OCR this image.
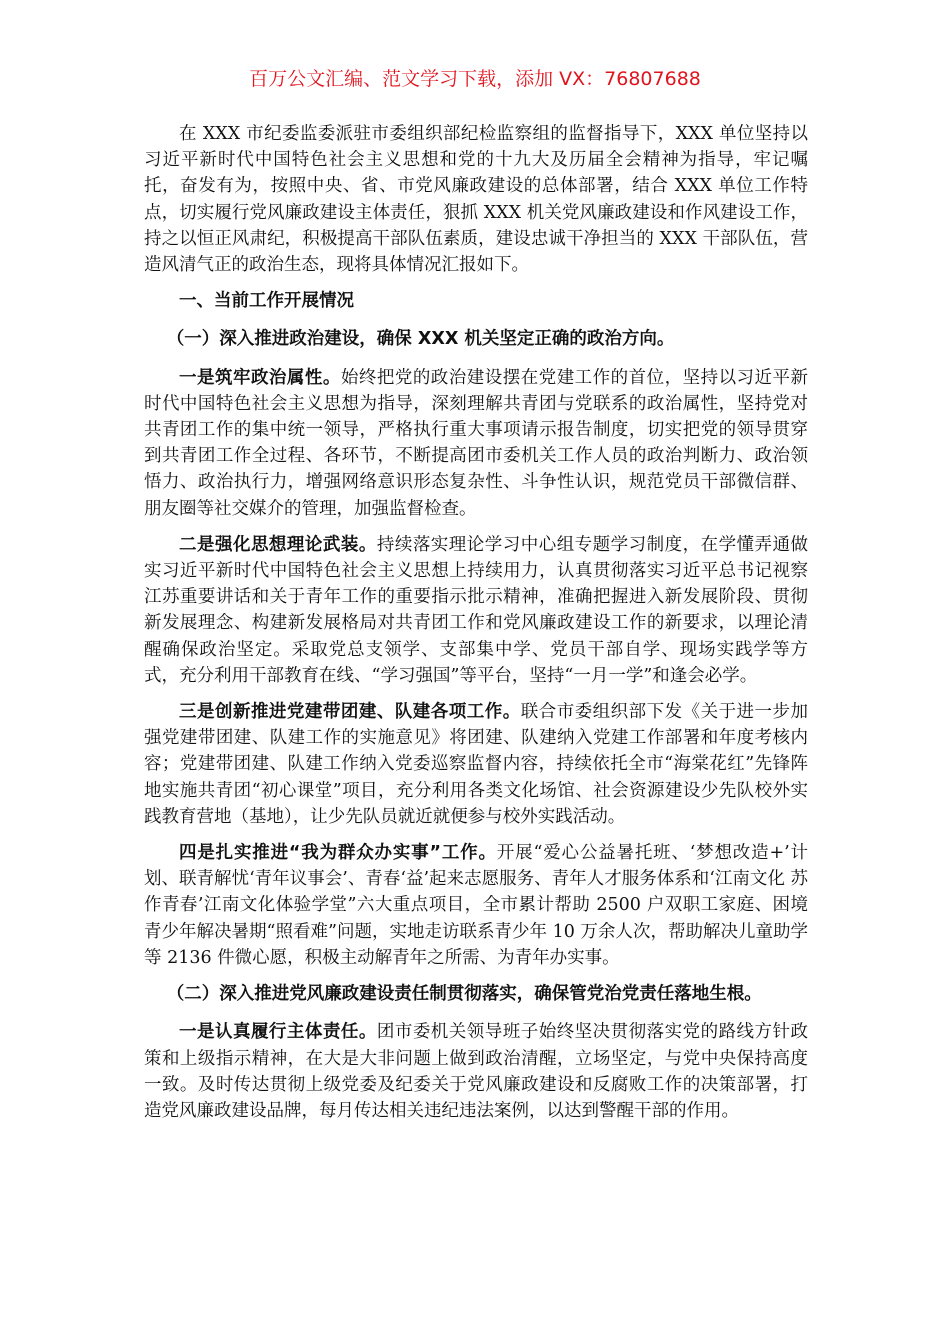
百万公文汇编、范文学习下载，添加 VX：76807688

在 XXX 市纪委监委派驻市委组织部纪检监察组的监督指导下，XXX 单位坚持以习近平新时代中国特色社会主义思想和党的十九大及历届全会精神为指导，牢记嘱托，奋发有为，按照中央、省、市党风廉政建设的总体部署，结合 XXX 单位工作特点，切实履行党风廉政建设主体责任，狠抓 XXX 机关党风廉政建设和作风建设工作，持之以恒正风肃纪，积极提高干部队伍素质，建设忠诚干净担当的 XXX 干部队伍，营造风清气正的政治生态，现将具体情况汇报如下。

一、当前工作开展情况

（一）深入推进政治建设，确保 XXX 机关坚定正确的政治方向。

一是筑牢政治属性。始终把党的政治建设摆在党建工作的首位，坚持以习近平新时代中国特色社会主义思想为指导，深刻理解共青团与党联系的政治属性，坚持党对共青团工作的集中统一领导，严格执行重大事项请示报告制度，切实把党的领导贯穿到共青团工作全过程、各环节，不断提高团市委机关工作人员的政治判断力、政治领悟力、政治执行力，增强网络意识形态复杂性、斗争性认识，规范党员干部微信群、朋友圈等社交媒介的管理，加强监督检查。

二是强化思想理论武装。持续落实理论学习中心组专题学习制度，在学懂弄通做实习近平新时代中国特色社会主义思想上持续用力，认真贯彻落实习近平总书记视察江苏重要讲话和关于青年工作的重要指示批示精神，准确把握进入新发展阶段、贯彻新发展理念、构建新发展格局对共青团工作和党风廉政建设工作的新要求，以理论清醒确保政治坚定。采取党总支领学、支部集中学、党员干部自学、现场实践学等方式，充分利用干部教育在线、“学习强国”等平台，坚持“一月一学”和逢会必学。

三是创新推进党建带团建、队建各项工作。联合市委组织部下发《关于进一步加强党建带团建、队建工作的实施意见》将团建、队建纳入党建工作部署和年度考核内容；党建带团建、队建工作纳入党委巡察监督内容，持续依托全市“海棠花红”先锋阵地实施共青团“初心课堂”项目，充分利用各类文化场馆、社会资源建设少先队校外实践教育营地（基地），让少先队员就近就便参与校外实践活动。

四是扎实推进“我为群众办实事”工作。开展“爱心公益暑托班、‘梦想改造+’计划、联青解忧‘青年议事会’、青春‘益’起来志愿服务、青年人才服务体系和‘江南文化 苏作青春’江南文化体验学堂”六大重点项目，全市累计帮助 2500 户双职工家庭、困境青少年解决暑期“照看难”问题，实地走访联系青少年 10 万余人次，帮助解决儿童助学等 2136 件微心愿，积极主动解青年之所需、为青年办实事。

（二）深入推进党风廉政建设责任制贯彻落实，确保管党治党责任落地生根。

一是认真履行主体责任。团市委机关领导班子始终坚决贯彻落实党的路线方针政策和上级指示精神，在大是大非问题上做到政治清醒，立场坚定，与党中央保持高度一致。及时传达贯彻上级党委及纪委关于党风廉政建设和反腐败工作的决策部署，打造党风廉政建设品牌，每月传达相关违纪违法案例，以达到警醒干部的作用。
